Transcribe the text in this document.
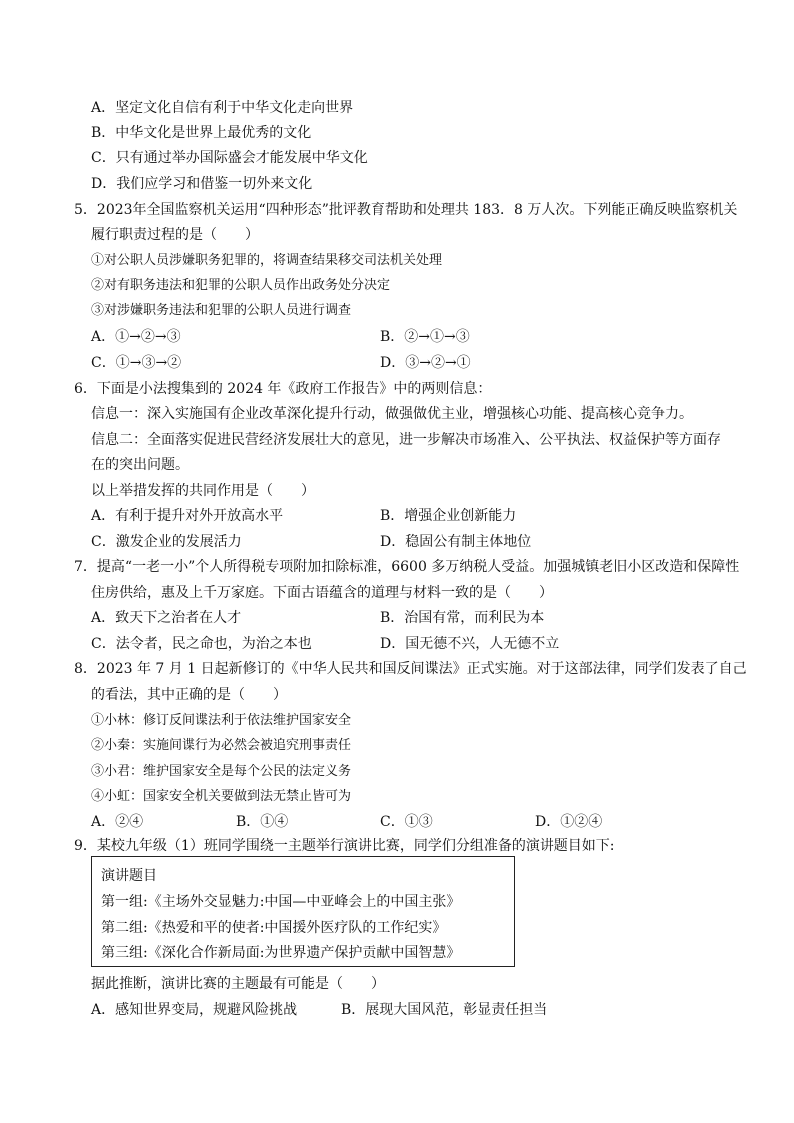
A．坚定文化自信有利于中华文化走向世界
B．中华文化是世界上最优秀的文化
C．只有通过举办国际盛会才能发展中华文化
D．我们应学习和借鉴一切外来文化
5．2023年全国监察机关运用“四种形态”批评教育帮助和处理共 183．8 万人次。下列能正确反映监察机关
履行职责过程的是（　　）
①对公职人员涉嫌职务犯罪的，将调查结果移交司法机关处理
②对有职务违法和犯罪的公职人员作出政务处分决定
③对涉嫌职务违法和犯罪的公职人员进行调查
A．①→②→③	B．②→①→③
C．①→③→②	D．③→②→①
6．下面是小法搜集到的 2024 年《政府工作报告》中的两则信息：
信息一：深入实施国有企业改革深化提升行动，做强做优主业，增强核心功能、提高核心竞争力。
信息二：全面落实促进民营经济发展壮大的意见，进一步解决市场准入、公平执法、权益保护等方面存
在的突出问题。
以上举措发挥的共同作用是（　　）
A．有利于提升对外开放高水平	B．增强企业创新能力
C．激发企业的发展活力	D．稳固公有制主体地位
7．提高“一老一小”个人所得税专项附加扣除标准，6600 多万纳税人受益。加强城镇老旧小区改造和保障性
住房供给，惠及上千万家庭。下面古语蕴含的道理与材料一致的是（　　）
A．致天下之治者在人才	B．治国有常，而利民为本
C．法令者，民之命也，为治之本也	D．国无德不兴，人无德不立
8．2023 年 7 月 1 日起新修订的《中华人民共和国反间谍法》正式实施。对于这部法律，同学们发表了自己
的看法，其中正确的是（　　）
①小林：修订反间谍法利于依法维护国家安全
②小秦：实施间谍行为必然会被追究刑事责任
③小君：维护国家安全是每个公民的法定义务
④小虹：国家安全机关要做到法无禁止皆可为
A．②④	B．①④	C．①③	D．①②④
9．某校九年级（1）班同学围绕一主题举行演讲比赛，同学们分组准备的演讲题目如下:
演讲题目
第一组:《主场外交显魅力:中国—中亚峰会上的中国主张》
第二组:《热爱和平的使者:中国援外医疗队的工作纪实》
第三组:《深化合作新局面:为世界遗产保护贡献中国智慧》
据此推断，演讲比赛的主题最有可能是（　　）
A．感知世界变局，规避风险挑战	B．展现大国风范，彰显责任担当
